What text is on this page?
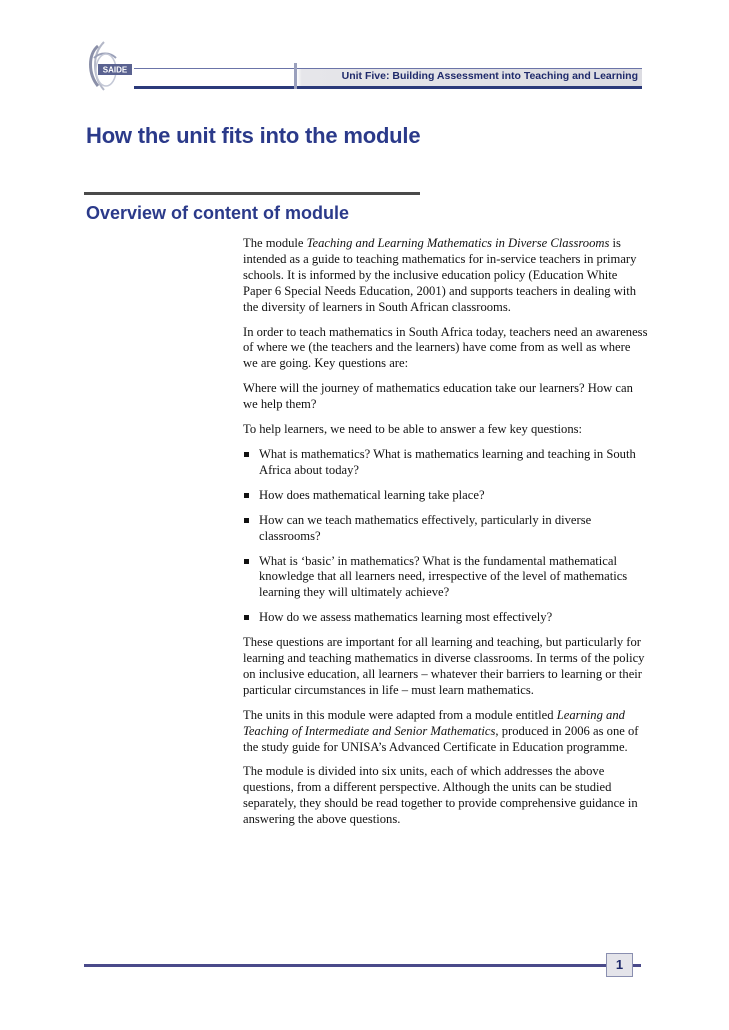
SAIDE	Unit Five: Building Assessment into Teaching and Learning
How the unit fits into the module
Overview of content of module

The module Teaching and Learning Mathematics in Diverse Classrooms is intended as a guide to teaching mathematics for in-service teachers in primary schools. It is informed by the inclusive education policy (Education White Paper 6 Special Needs Education, 2001) and supports teachers in dealing with the diversity of learners in South African classrooms.

In order to teach mathematics in South Africa today, teachers need an awareness of where we (the teachers and the learners) have come from as well as where we are going. Key questions are:

Where will the journey of mathematics education take our learners? How can we help them?

To help learners, we need to be able to answer a few key questions:

What is mathematics? What is mathematics learning and teaching in South Africa about today?
How does mathematical learning take place?
How can we teach mathematics effectively, particularly in diverse classrooms?
What is ‘basic’ in mathematics? What is the fundamental mathematical knowledge that all learners need, irrespective of the level of mathematics learning they will ultimately achieve?
How do we assess mathematics learning most effectively?

These questions are important for all learning and teaching, but particularly for learning and teaching mathematics in diverse classrooms. In terms of the policy on inclusive education, all learners – whatever their barriers to learning or their particular circumstances in life – must learn mathematics.

The units in this module were adapted from a module entitled Learning and Teaching of Intermediate and Senior Mathematics, produced in 2006 as one of the study guide for UNISA’s Advanced Certificate in Education programme.

The module is divided into six units, each of which addresses the above questions, from a different perspective. Although the units can be studied separately, they should be read together to provide comprehensive guidance in answering the above questions.

1
